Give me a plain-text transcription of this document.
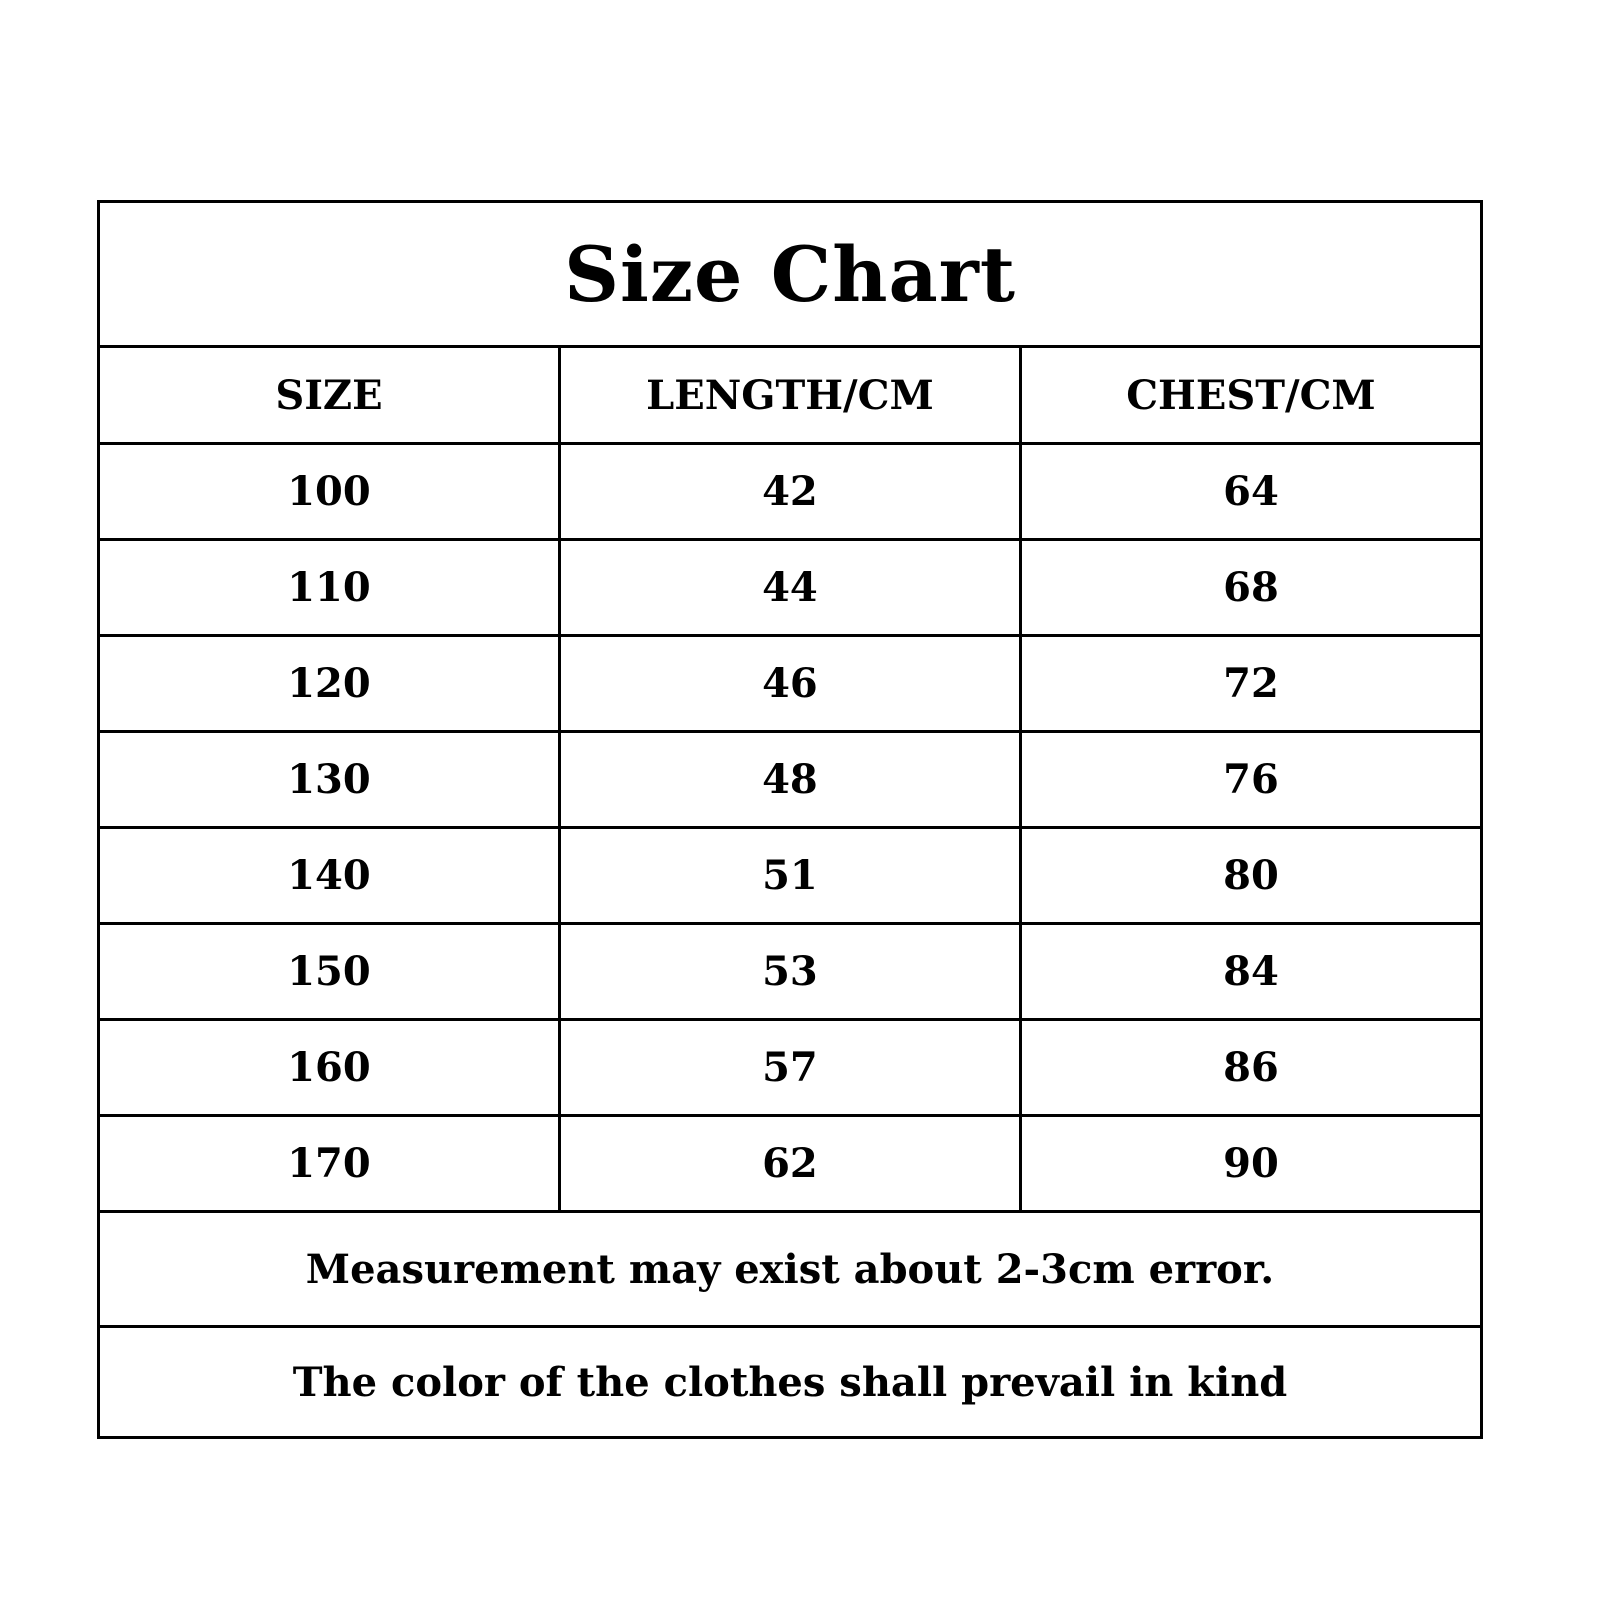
Size Chart		
SIZE	LENGTH/CM	CHEST/CM
100	42	64
110	44	68
120	46	72
130	48	76
140	51	80
150	53	84
160	57	86
170	62	90
Measurement may exist about 2-3cm error.		
The color of the clothes shall prevail in kind		
